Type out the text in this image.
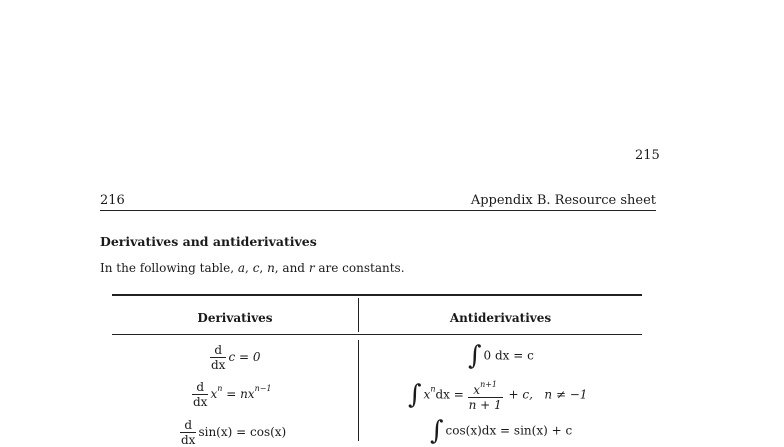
215
216	Appendix B. Resource sheet
Derivatives and antiderivatives
In the following table, a, c, n, and r are constants.
Derivatives	Antiderivatives
$\frac{d}{dx}$ c = 0	∫ 0 dx = c
$\frac{d}{dx} x^n = nx^{n-1}$	∫ $x^ndx = \frac{x^{n+1}}{n + 1} + c$, n ≠ −1
$\frac{d}{dx} \sin(x) = \cos(x)$	∫ cos(x)dx = sin(x) + c
